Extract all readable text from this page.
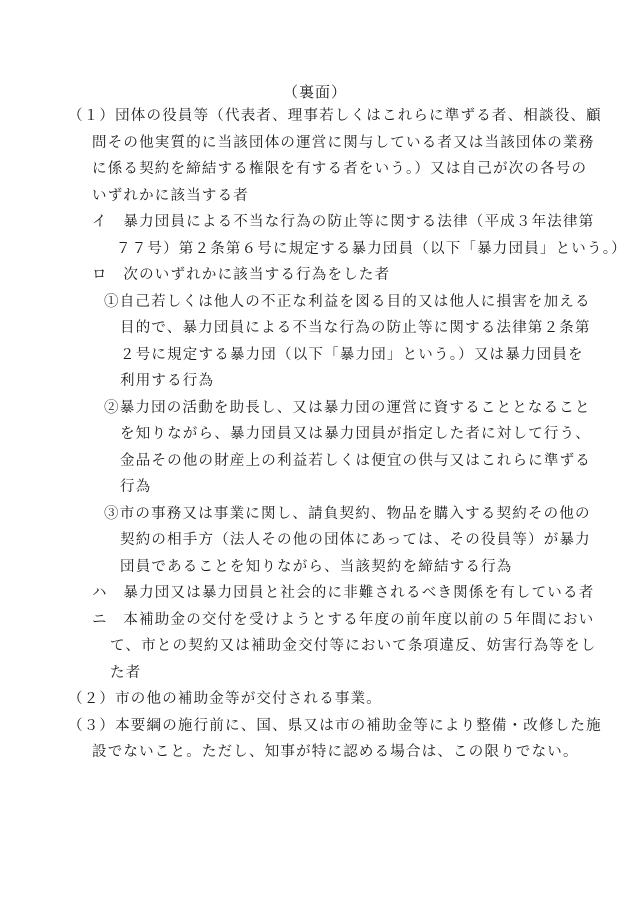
（裏面）
（１）団体の役員等（代表者、理事若しくはこれらに準ずる者、相談役、顧
問その他実質的に当該団体の運営に関与している者又は当該団体の業務
に係る契約を締結する権限を有する者をいう。）又は自己が次の各号の
いずれかに該当する者
イ　暴力団員による不当な行為の防止等に関する法律（平成３年法律第
７７号）第２条第６号に規定する暴力団員（以下「暴力団員」という。）
ロ　次のいずれかに該当する行為をした者
①自己若しくは他人の不正な利益を図る目的又は他人に損害を加える
目的で、暴力団員による不当な行為の防止等に関する法律第２条第
２号に規定する暴力団（以下「暴力団」という。）又は暴力団員を
利用する行為
②暴力団の活動を助長し、又は暴力団の運営に資することとなること
を知りながら、暴力団員又は暴力団員が指定した者に対して行う、
金品その他の財産上の利益若しくは便宜の供与又はこれらに準ずる
行為
③市の事務又は事業に関し、請負契約、物品を購入する契約その他の
契約の相手方（法人その他の団体にあっては、その役員等）が暴力
団員であることを知りながら、当該契約を締結する行為
ハ　暴力団又は暴力団員と社会的に非難されるべき関係を有している者
ニ　本補助金の交付を受けようとする年度の前年度以前の５年間におい
て、市との契約又は補助金交付等において条項違反、妨害行為等をし
た者
（２）市の他の補助金等が交付される事業。
（３）本要綱の施行前に、国、県又は市の補助金等により整備・改修した施
設でないこと。ただし、知事が特に認める場合は、この限りでない。
